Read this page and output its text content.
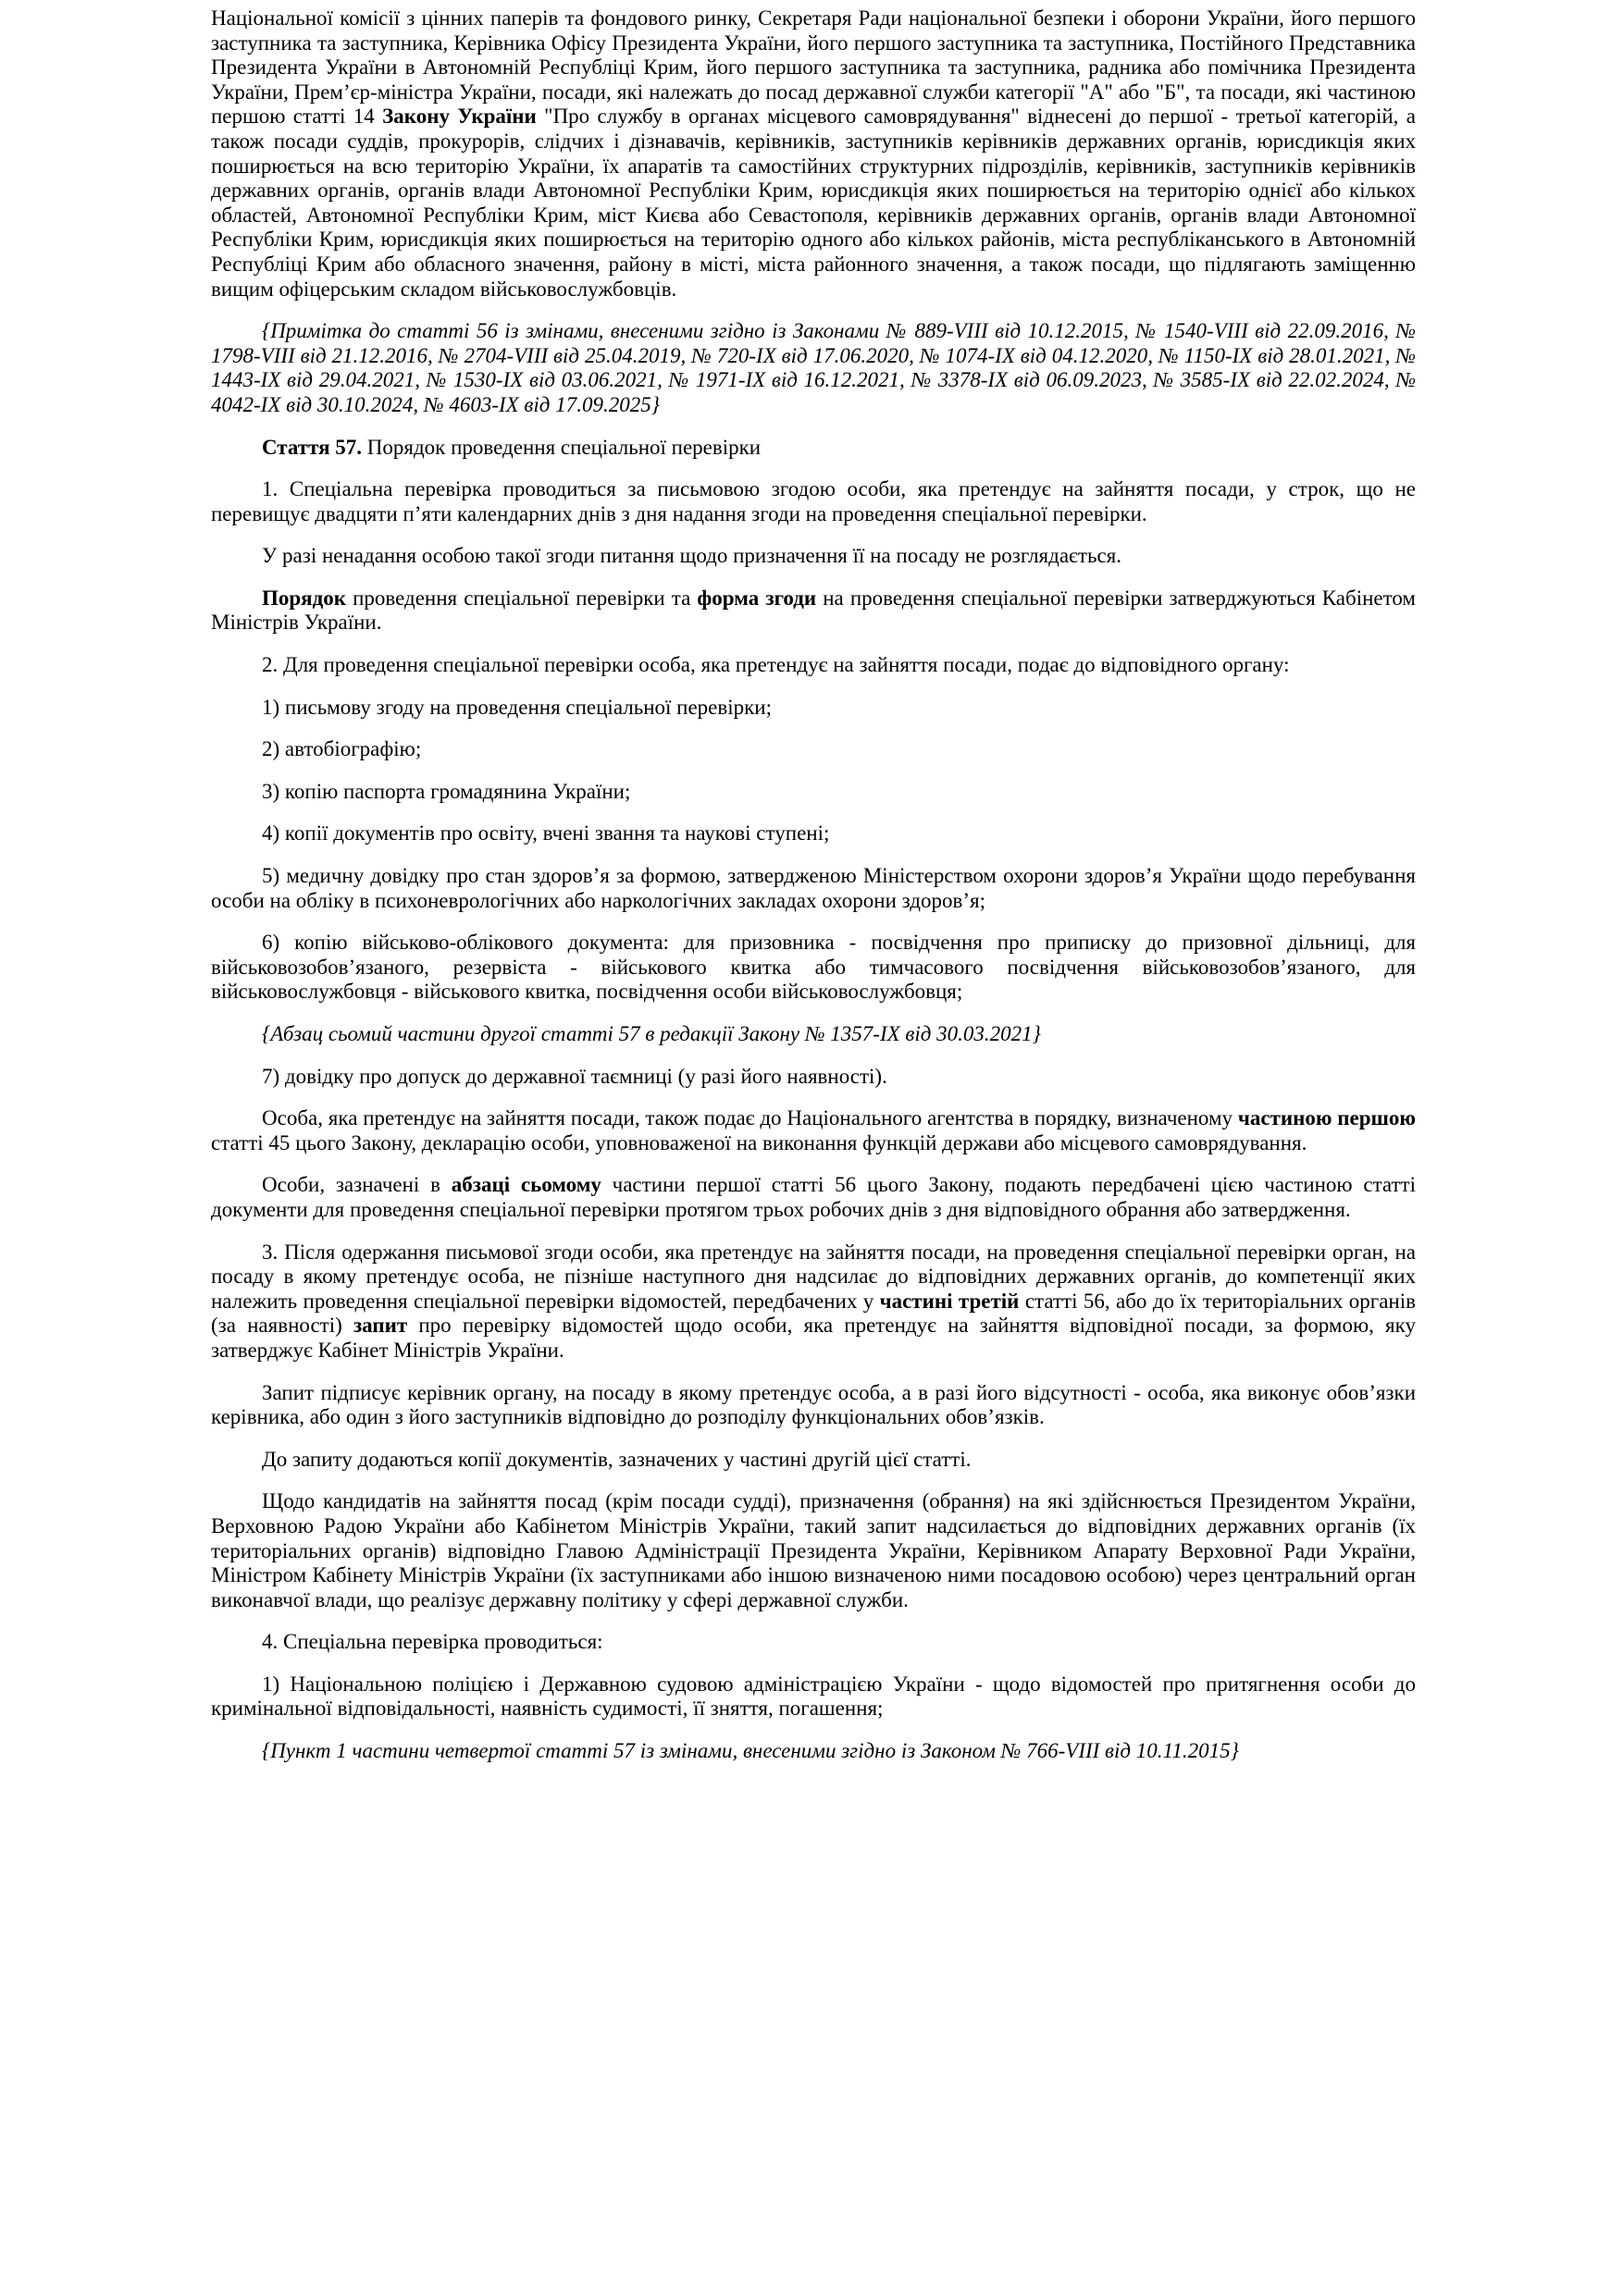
Національної комісії з цінних паперів та фондового ринку, Секретаря Ради національної безпеки і оборони України, його першого заступника та заступника, Керівника Офісу Президента України, його першого заступника та заступника, Постійного Представника Президента України в Автономній Республіці Крим, його першого заступника та заступника, радника або помічника Президента України, Прем’єр-міністра України, посади, які належать до посад державної служби категорії "А" або "Б", та посади, які частиною першою статті 14 Закону України "Про службу в органах місцевого самоврядування" віднесені до першої - третьої категорій, а також посади суддів, прокурорів, слідчих і дізнавачів, керівників, заступників керівників державних органів, юрисдикція яких поширюється на всю територію України, їх апаратів та самостійних структурних підрозділів, керівників, заступників керівників державних органів, органів влади Автономної Республіки Крим, юрисдикція яких поширюється на територію однієї або кількох областей, Автономної Республіки Крим, міст Києва або Севастополя, керівників державних органів, органів влади Автономної Республіки Крим, юрисдикція яких поширюється на територію одного або кількох районів, міста республіканського в Автономній Республіці Крим або обласного значення, району в місті, міста районного значення, а також посади, що підлягають заміщенню вищим офіцерським складом військовослужбовців.

{Примітка до статті 56 із змінами, внесеними згідно із Законами № 889-VIII від 10.12.2015, № 1540-VIII від 22.09.2016, № 1798-VIII від 21.12.2016, № 2704-VIII від 25.04.2019, № 720-IX від 17.06.2020, № 1074-IX від 04.12.2020, № 1150-IX від 28.01.2021, № 1443-IX від 29.04.2021, № 1530-IX від 03.06.2021, № 1971-IX від 16.12.2021, № 3378-IX від 06.09.2023, № 3585-IX від 22.02.2024, № 4042-IX від 30.10.2024, № 4603-IX від 17.09.2025}

Стаття 57. Порядок проведення спеціальної перевірки

1. Спеціальна перевірка проводиться за письмовою згодою особи, яка претендує на зайняття посади, у строк, що не перевищує двадцяти п’яти календарних днів з дня надання згоди на проведення спеціальної перевірки.

У разі ненадання особою такої згоди питання щодо призначення її на посаду не розглядається.

Порядок проведення спеціальної перевірки та форма згоди на проведення спеціальної перевірки затверджуються Кабінетом Міністрів України.

2. Для проведення спеціальної перевірки особа, яка претендує на зайняття посади, подає до відповідного органу:

1) письмову згоду на проведення спеціальної перевірки;

2) автобіографію;

3) копію паспорта громадянина України;

4) копії документів про освіту, вчені звання та наукові ступені;

5) медичну довідку про стан здоров’я за формою, затвердженою Міністерством охорони здоров’я України щодо перебування особи на обліку в психоневрологічних або наркологічних закладах охорони здоров’я;

6) копію військово-облікового документа: для призовника - посвідчення про приписку до призовної дільниці, для військовозобов’язаного, резервіста - військового квитка або тимчасового посвідчення військовозобов’язаного, для військовослужбовця - військового квитка, посвідчення особи військовослужбовця;

{Абзац сьомий частини другої статті 57 в редакції Закону № 1357-IX від 30.03.2021}

7) довідку про допуск до державної таємниці (у разі його наявності).

Особа, яка претендує на зайняття посади, також подає до Національного агентства в порядку, визначеному частиною першою статті 45 цього Закону, декларацію особи, уповноваженої на виконання функцій держави або місцевого самоврядування.

Особи, зазначені в абзаці сьомому частини першої статті 56 цього Закону, подають передбачені цією частиною статті документи для проведення спеціальної перевірки протягом трьох робочих днів з дня відповідного обрання або затвердження.

3. Після одержання письмової згоди особи, яка претендує на зайняття посади, на проведення спеціальної перевірки орган, на посаду в якому претендує особа, не пізніше наступного дня надсилає до відповідних державних органів, до компетенції яких належить проведення спеціальної перевірки відомостей, передбачених у частині третій статті 56, або до їх територіальних органів (за наявності) запит про перевірку відомостей щодо особи, яка претендує на зайняття відповідної посади, за формою, яку затверджує Кабінет Міністрів України.

Запит підписує керівник органу, на посаду в якому претендує особа, а в разі його відсутності - особа, яка виконує обов’язки керівника, або один з його заступників відповідно до розподілу функціональних обов’язків.

До запиту додаються копії документів, зазначених у частині другій цієї статті.

Щодо кандидатів на зайняття посад (крім посади судді), призначення (обрання) на які здійснюється Президентом України, Верховною Радою України або Кабінетом Міністрів України, такий запит надсилається до відповідних державних органів (їх територіальних органів) відповідно Главою Адміністрації Президента України, Керівником Апарату Верховної Ради України, Міністром Кабінету Міністрів України (їх заступниками або іншою визначеною ними посадовою особою) через центральний орган виконавчої влади, що реалізує державну політику у сфері державної служби.

4. Спеціальна перевірка проводиться:

1) Національною поліцією і Державною судовою адміністрацією України - щодо відомостей про притягнення особи до кримінальної відповідальності, наявність судимості, її зняття, погашення;

{Пункт 1 частини четвертої статті 57 із змінами, внесеними згідно із Законом № 766-VIII від 10.11.2015}
